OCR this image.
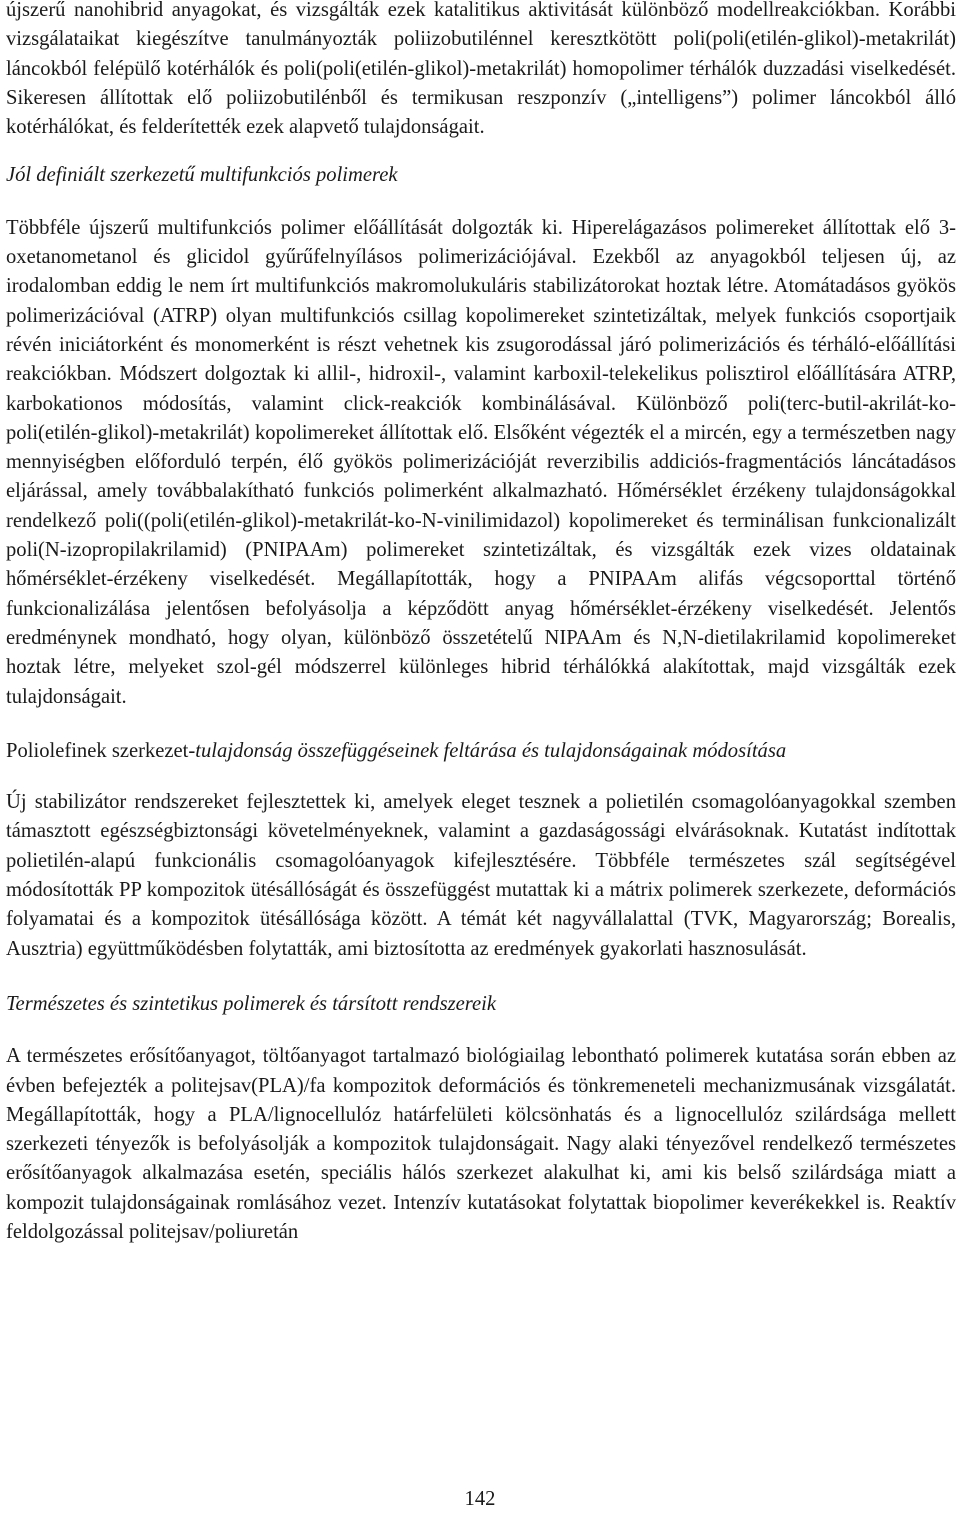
újszerű nanohibrid anyagokat, és vizsgálták ezek katalitikus aktivitását különböző modellreakciókban. Korábbi vizsgálataikat kiegészítve tanulmányozták poliizobutilénnel keresztkötött poli(poli(etilén-glikol)-metakrilát) láncokból felépülő kotérhálók és poli(poli(etilén-glikol)-metakrilát) homopolimer térhálók duzzadási viselkedését. Sikeresen állítottak elő poliizobutilénből és termikusan reszponzív („intelligens”) polimer láncokból álló kotérhálókat, és felderítették ezek alapvető tulajdonságait.

Jól definiált szerkezetű multifunkciós polimerek

Többféle újszerű multifunkciós polimer előállítását dolgozták ki. Hiperelágazásos polimereket állítottak elő 3-oxetanometanol és glicidol gyűrűfelnyílásos polimerizációjával. Ezekből az anyagokból teljesen új, az irodalomban eddig le nem írt multifunkciós makromolukuláris stabilizátorokat hoztak létre. Atomátadásos gyökös polimerizációval (ATRP) olyan multifunkciós csillag kopolimereket szintetizáltak, melyek funkciós csoportjaik révén iniciátorként és monomerként is részt vehetnek kis zsugorodással járó polimerizációs és térháló-előállítási reakciókban. Módszert dolgoztak ki allil-, hidroxil-, valamint karboxil-telekelikus polisztirol előállítására ATRP, karbokationos módosítás, valamint click-reakciók kombinálásával. Különböző poli(terc-butil-akrilát-ko-poli(etilén-glikol)-metakrilát) kopolimereket állítottak elő. Elsőként végezték el a mircén, egy a természetben nagy mennyiségben előforduló terpén, élő gyökös polimerizációját reverzibilis addiciós-fragmentációs láncátadásos eljárással, amely továbbalakítható funkciós polimerként alkalmazható. Hőmérséklet érzékeny tulajdonságokkal rendelkező poli((poli(etilén-glikol)-metakrilát-ko-N-vinilimidazol) kopolimereket és terminálisan funkcionalizált poli(N-izopropilakrilamid) (PNIPAAm) polimereket szintetizáltak, és vizsgálták ezek vizes oldatainak hőmérséklet-érzékeny viselkedését. Megállapították, hogy a PNIPAAm alifás végcsoporttal történő funkcionalizálása jelentősen befolyásolja a képződött anyag hőmérséklet-érzékeny viselkedését. Jelentős eredménynek mondható, hogy olyan, különböző összetételű NIPAAm és N,N-dietilakrilamid kopolimereket hoztak létre, melyeket szol-gél módszerrel különleges hibrid térhálókká alakítottak, majd vizsgálták ezek tulajdonságait.

Poliolefinek szerkezet-tulajdonság összefüggéseinek feltárása és tulajdonságainak módosítása

Új stabilizátor rendszereket fejlesztettek ki, amelyek eleget tesznek a polietilén csomagolóanyagokkal szemben támasztott egészségbiztonsági követelményeknek, valamint a gazdaságossági elvárásoknak. Kutatást indítottak polietilén-alapú funkcionális csomagolóanyagok kifejlesztésére. Többféle természetes szál segítségével módosították PP kompozitok ütésállóságát és összefüggést mutattak ki a mátrix polimerek szerkezete, deformációs folyamatai és a kompozitok ütésállósága között. A témát két nagyvállalattal (TVK, Magyarország; Borealis, Ausztria) együttműködésben folytatták, ami biztosította az eredmények gyakorlati hasznosulását.

Természetes és szintetikus polimerek és társított rendszereik

A természetes erősítőanyagot, töltőanyagot tartalmazó biológiailag lebontható polimerek kutatása során ebben az évben befejezték a politejsav(PLA)/fa kompozitok deformációs és tönkremeneteli mechanizmusának vizsgálatát. Megállapították, hogy a PLA/lignocellulóz határfelületi kölcsönhatás és a lignocellulóz szilárdsága mellett szerkezeti tényezők is befolyásolják a kompozitok tulajdonságait. Nagy alaki tényezővel rendelkező természetes erősítőanyagok alkalmazása esetén, speciális hálós szerkezet alakulhat ki, ami kis belső szilárdsága miatt a kompozit tulajdonságainak romlásához vezet. Intenzív kutatásokat folytattak biopolimer keverékekkel is. Reaktív feldolgozással politejsav/poliuretán

142
